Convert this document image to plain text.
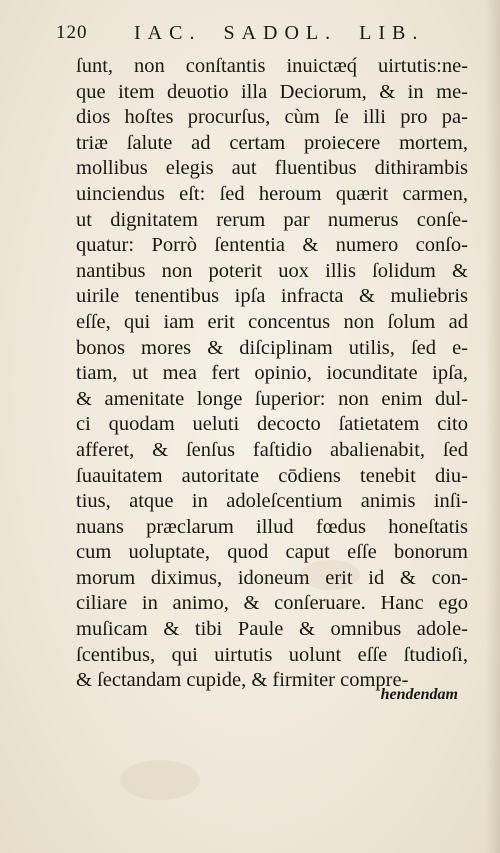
120 IAC. SADOL. LIB.
ſunt, non conſtantis inuictæq́ uirtutis:ne-
que item deuotio illa Deciorum, & in me-
dios hoſtes procurſus, cùm ſe illi pro pa-
triæ ſalute ad certam proiecere mortem,
mollibus elegis aut fluentibus dithirambis
uinciendus eſt: ſed heroum quærit carmen,
ut dignitatem rerum par numerus conſe-
quatur: Porrò ſententia & numero conſo-
nantibus non poterit uox illis ſolidum &
uirile tenentibus ipſa infracta & muliebris
eſſe, qui iam erit concentus non ſolum ad
bonos mores & diſciplinam utilis, ſed e-
tiam, ut mea fert opinio, iocunditate ipſa,
& amenitate longe ſuperior: non enim dul-
ci quodam ueluti decocto ſatietatem cito
afferet, & ſenſus faſtidio abalienabit, ſed
ſuauitatem autoritate cōdiens tenebit diu-
tius, atque in adoleſcentium animis inſi-
nuans præclarum illud fœdus honeſtatis
cum uoluptate, quod caput eſſe bonorum
morum diximus, idoneum erit id & con-
ciliare in animo, & conſeruare. Hanc ego
muſicam & tibi Paule & omnibus adole-
ſcentibus, qui uirtutis uolunt eſſe ſtudioſi,
& ſectandam cupide, & firmiter compre-
hendendam
